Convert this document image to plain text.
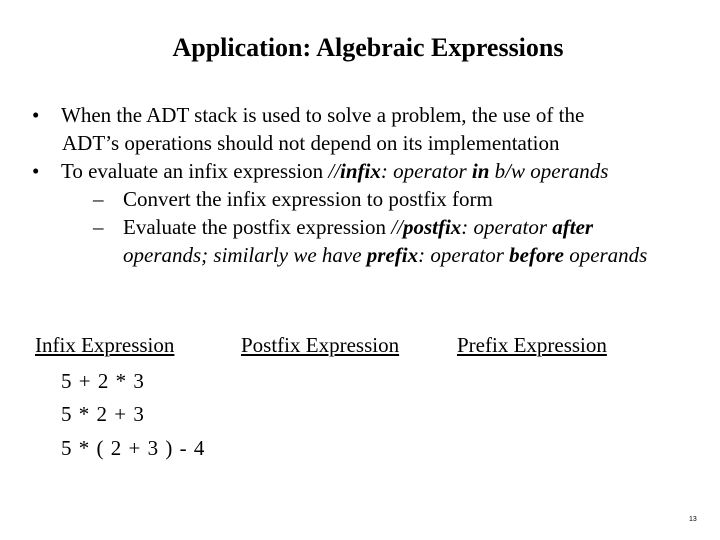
Application: Algebraic Expressions
• When the ADT stack is used to solve a problem, the use of the
ADT’s operations should not depend on its implementation
• To evaluate an infix expression //infix: operator in b/w operands
– Convert the infix expression to postfix form
– Evaluate the postfix expression //postfix: operator after
operands; similarly we have prefix: operator before operands
Infix Expression	Postfix Expression	Prefix Expression
5 + 2 * 3
5 * 2 + 3
5 * ( 2 + 3 ) - 4
13
